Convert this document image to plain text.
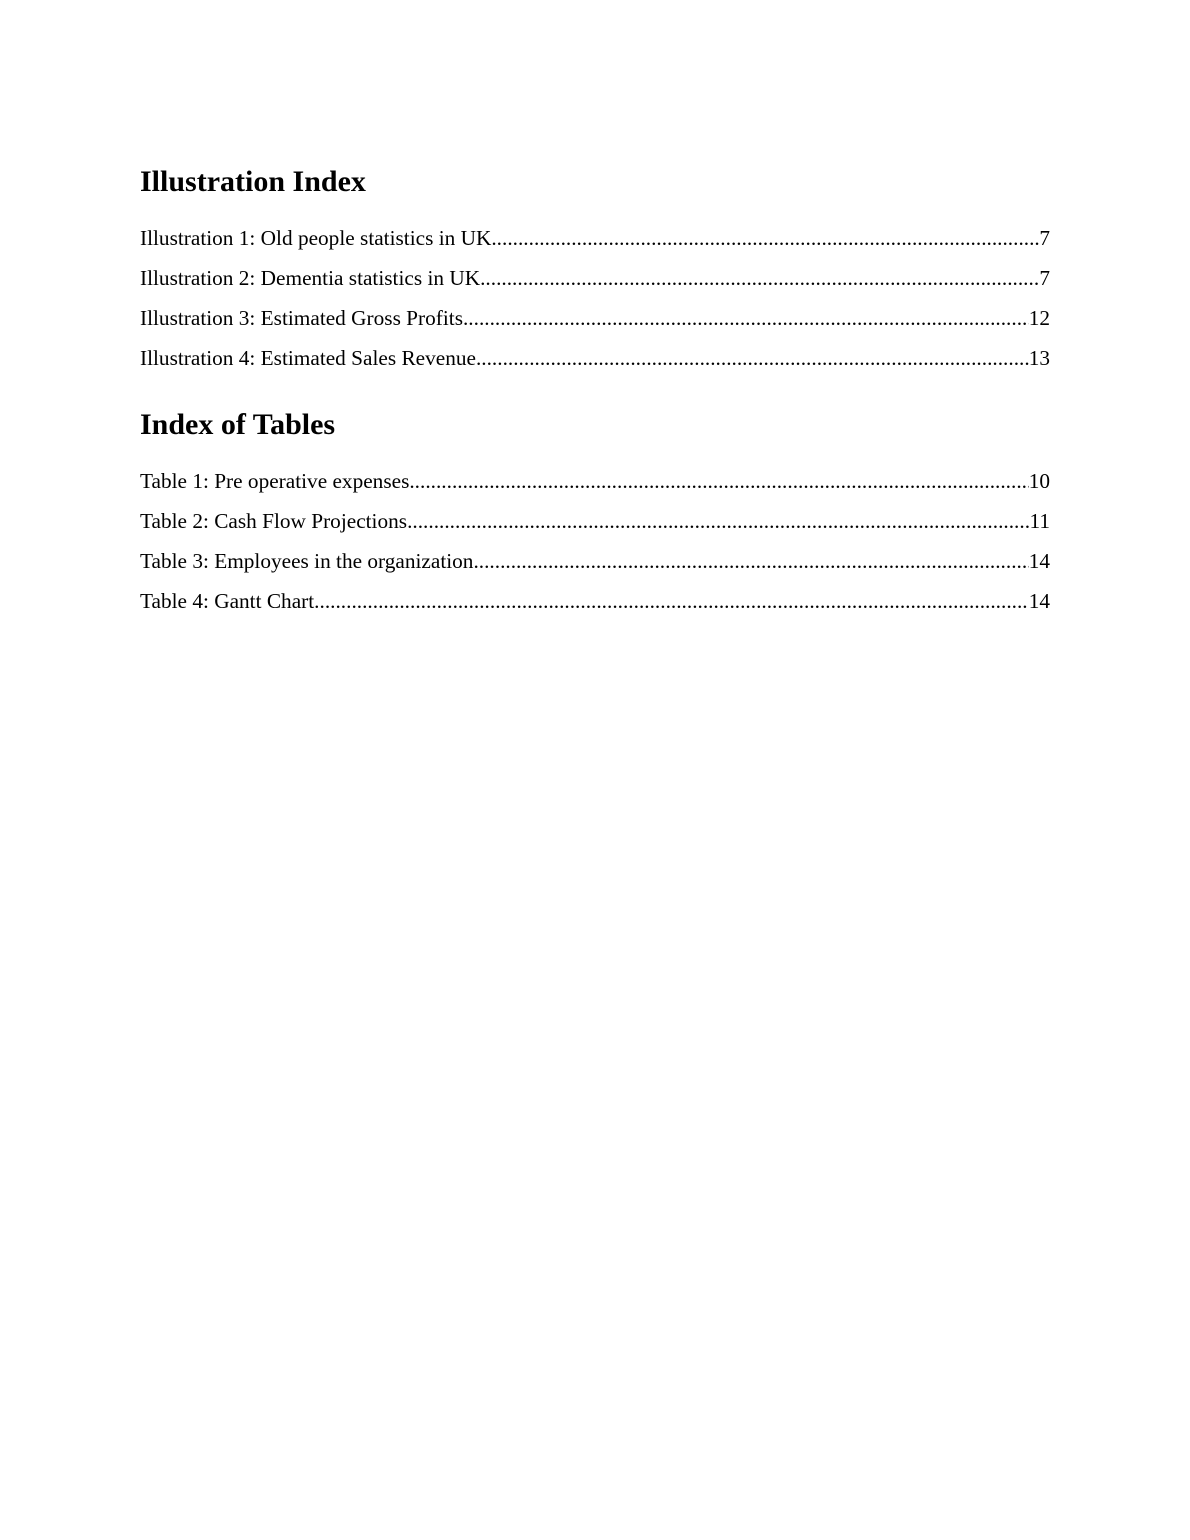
Illustration Index
Illustration 1: Old people statistics in UK .....	7
Illustration 2: Dementia statistics in UK .....	7
Illustration 3: Estimated Gross Profits .....	12
Illustration 4: Estimated Sales Revenue .....	13
Index of Tables
Table 1: Pre operative expenses .....	10
Table 2: Cash Flow Projections .....	11
Table 3: Employees in the organization .....	14
Table 4: Gantt Chart .....	14
